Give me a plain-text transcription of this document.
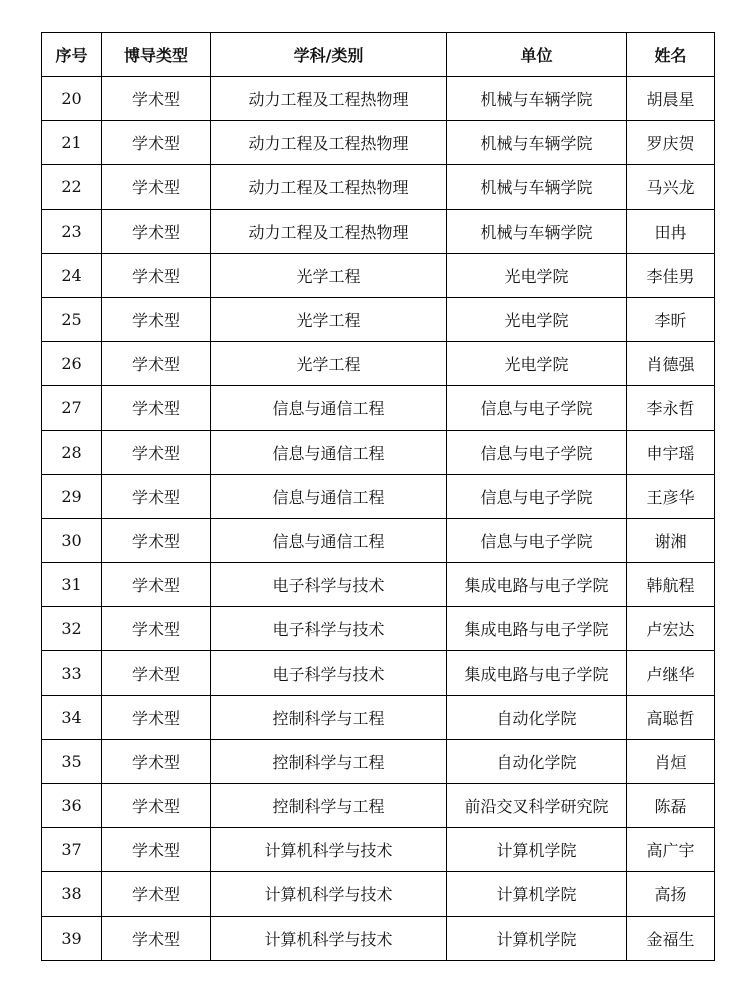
序号	博导类型	学科/类别	单位	姓名
20	学术型	动力工程及工程热物理	机械与车辆学院	胡晨星
21	学术型	动力工程及工程热物理	机械与车辆学院	罗庆贺
22	学术型	动力工程及工程热物理	机械与车辆学院	马兴龙
23	学术型	动力工程及工程热物理	机械与车辆学院	田冉
24	学术型	光学工程	光电学院	李佳男
25	学术型	光学工程	光电学院	李昕
26	学术型	光学工程	光电学院	肖德强
27	学术型	信息与通信工程	信息与电子学院	李永哲
28	学术型	信息与通信工程	信息与电子学院	申宇瑶
29	学术型	信息与通信工程	信息与电子学院	王彦华
30	学术型	信息与通信工程	信息与电子学院	谢湘
31	学术型	电子科学与技术	集成电路与电子学院	韩航程
32	学术型	电子科学与技术	集成电路与电子学院	卢宏达
33	学术型	电子科学与技术	集成电路与电子学院	卢继华
34	学术型	控制科学与工程	自动化学院	高聪哲
35	学术型	控制科学与工程	自动化学院	肖烜
36	学术型	控制科学与工程	前沿交叉科学研究院	陈磊
37	学术型	计算机科学与技术	计算机学院	高广宇
38	学术型	计算机科学与技术	计算机学院	高扬
39	学术型	计算机科学与技术	计算机学院	金福生
